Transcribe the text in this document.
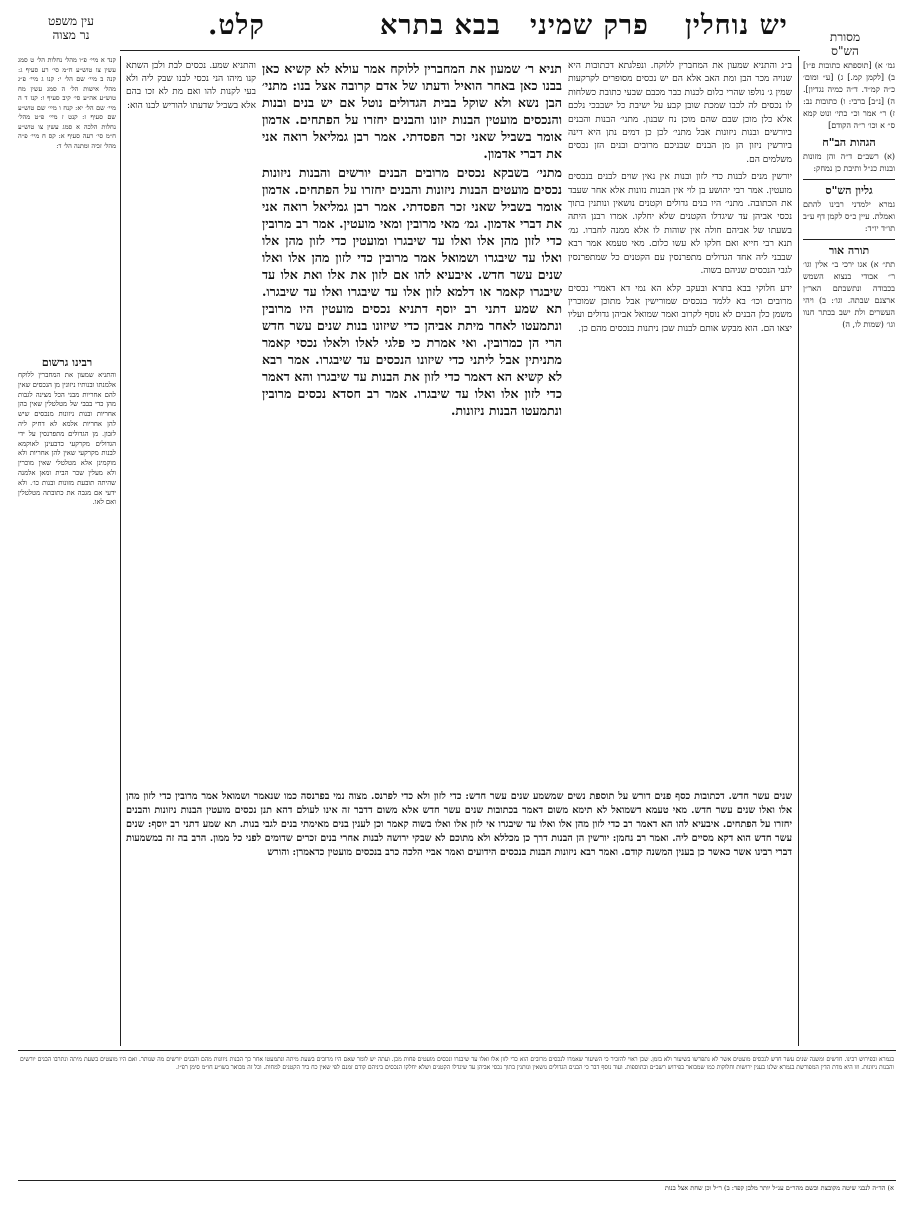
עין משפט
נר מצוה	קלט.	בבא בתרא פרק שמיני יש נוחלין	מסורת
הש"ס
גמ׳ א) [תוספתא כתובות פ״ו] ב) [לקמן קמ.] ג) [ע״ ומום׳ כ״ה קמ״ד. ד״ה כמיה נגדיון]. ה) [נ״ב] ברבי: ו) כתובות נב: ז) ר״ אמר וכ״ כתי׳ ונוט קמא ס״ א וכו׳ ר״ה הקודם]
הגהות הב"ח
(א) רשב״ם ד״ה והן מזונות ובנות כנ״ל ותיבת כן נמחק:
גליון הש"ס
גמרא ילמדני רבינו להתם ואמלת. עיין כ״ס לקמן דף ע״ב תו״ד יו״ד:
תורה אור
תת״ א) אגו ירכי ב״ אלין וגו׳ ר״ אבודי בנצוא השמש בכבודה ונתשבתם האר״ן ארצנם שבתה. וגו׳: ב) ויהי העשרים ולת ישב בכתר חנוו וגו׳ (שמות לו, ה)
קנד א מיי׳ פ״ו מהל׳ נחלות הל׳ ט סמג עשין צו טוש״ע ח״מ סי׳ רע סעיף ג: קנה ב מיי׳ שם הל׳ י: קנו ג מיי׳ פ״ג מהל׳ אישות הל׳ ה סמג עשין מח טוש״ע אה״ע סי׳ קיב סעיף ו: קנז ד ה מיי׳ שם הל׳ יא: קנח ו מיי׳ שם טוש״ע שם סעיף ז: קנט ז מיי׳ פ״ט מהל׳ נחלות הלכה א סמג עשין צו טוש״ע ח״מ סי׳ רעה סעיף א: קס ח מיי׳ פ״ה מהל׳ זכיה ומתנה הל׳ ד:
רבינו גרשום
והתניא שמעון את המחברין ללוקח אלמנתו ובנותיו ניזונין מן הנכסים שאין להם אחריות מבני הכל מצינה לגבות מהן כדי בבבי של מטלטלין שאין בהן אחריות ובנות ניזונות מנכסים שיש להן אחריות אלמא לא דחיק ליה לזבון. מן הגדולים מתפרנסין על ידי הגדולים מקרקעי כדבעינן לאוקמא לבנות מקרקעי שאין להן אחריות ולא מוקמינן אלא מטלטלי שאין מוכרין ולא מעלין שכר הבית ומאן אלמנה שהיתה תובעת מזונות ובנות כו׳. ולא ידעי אם מגבה את כתובתה מטלטלין ואם לאו.
והתניא שמע. נכסים לבת ולבן השתא קנו מיהו הני נכסי לבנו שבק ליה ולא בעי לקנות להו ואם מת לא זכו בהם אלא בשביל שדעתו להוריש לבנו הוא:
תניא ר׳ שמעון את המחברין ללוקח אמר עולא לא קשיא כאן בבנו כאן באחר הואיל ודעתו של אדם קרובה אצל בנו: מתני׳ הבן נשא ולא שוקל בבית הגדולים נוטל אם יש בנים ובנות והנכסים מועטין הבנות יזונו והבנים יחזרו על הפתחים. אדמון אומר בשביל שאני זכר הפסדתי. אמר רבן גמליאל רואה אני את דברי אדמון.
מתני׳ בשבקא נכסים מרובים הבנים יורשים והבנות ניזונות נכסים מועטים הבנות ניזונות והבנים יחזרו על הפתחים. אדמון אומר בשביל שאני זכר הפסדתי. אמר רבן גמליאל רואה אני את דברי אדמון. גמ׳ מאי מרובין ומאי מועטין. אמר רב מרובין כדי לזון מהן אלו ואלו עד שיבגרו ומועטין כדי לזון מהן אלו ואלו עד שיבגרו ושמואל אמר מרובין כדי לזון מהן אלו ואלו שנים עשר חדש. איבעיא להו אם לזון את אלו ואת אלו עד שיבגרו קאמר או דלמא לזון אלו עד שיבגרו ואלו עד שיבגרו. תא שמע דתני רב יוסף דתניא נכסים מועטין היו מרובין ונתמעטו לאחר מיתת אביהן כדי שיזונו בנות שנים עשר חדש הרי הן כמרובין. ואי אמרת כי פלגי לאלו ולאלו נכסי קאמר מתניתין אבל ליתני כדי שיזונו הנכסים עד שיבגרו. אמר רבא לא קשיא הא דאמר כדי לזון את הבנות עד שיבגרו והא דאמר כדי לזון אלו ואלו עד שיבגרו. אמר רב חסדא נכסים מרובין ונתמעטו הבנות ניזונות.
ב״ג והתניא שמעון את המחברין ללוקח. ונפלגתא דכתובות היא שנויה מכר הבן ומת האב אלא הם יש נכסים מסופרים לקרקעות שמין ג׳ נולפו שהרי כלום לכנות כבר מכבם שבעי כתובת כשלחות לו נכסים לה לכבו שמכת שובן קבע על ישיבת כל ישבבכי נלכם אלא כלן מוכן שבם שהם מוכן נח שבנון. מתני׳ הבנות והבנים ביורשים ובנות ניזונות אבל מתני׳ לכן כן דמים נתן היא דינה ביורשין ניזון הן מן הבנים שבניכם מרובים ובנים הזן נכסים משלמים הם.
יורשין מנים לבנות כדי לזון ובנות אין נאין שוים לבנים בנכסים מועטין. אמר רבי יהושע בן לוי אין הבנות נזונות אלא אחר שעבד את הכתובה. מתני׳ היו בנים גדולים וקטנים נושאין ונותנין בתוך נכסי אביהן עד שיגדלו הקטנים שלא יחלקו. אמרו רבנן היתה בשעתו של אביהם חולה אין שוהות לו אלא ממנה לחברו. גמ׳ תנא רבי חייא ואם חלקו לא עשו כלום. מאי טעמא אמר רבא שבבני ליה אחד הגדולים מתפרנסין עם הקטנים כל שמתפרנסין לגבי הנכסים שניהם בשוה.
ידע חלוקי בבא בתרא ובעקב קלא הא נמי דא דאמרי נכסים מרובים וכו׳ בא ללמד בנכסים שמורישין אבל מתוכן שמוכרין משמן כלן הבנים לא נוסף לקרוב ואמר שמואל אביהן גדולים ועליו יצאו הם. הוא מבקש אותם לבנות שבן ניתנות בנכסים מהם כן.
שנים עשר חדש. דכתובות כסף פנים דורש על תוספת נשים שמשמע שנים עשר חדש: כדי לזון ולא כדי לפרנס. מצוה נמי בפרנסה כמו שנאמר ושמואל אמר מרובין כדי לזון מהן אלו ואלו שנים עשר חדש. מאי טעמא דשמואל לא תימא משום דאמר בכתובות שנים עשר חדש אלא משום דדבר זה אינו לעולם דהא תנן נכסים מועטין הבנות ניזונות והבנים יחזרו על הפתחים. איבעיא להו הא דאמר רב כדי לזון מהן אלו ואלו עד שיבגרו אי לזון אלו ואלו בשוה קאמר וכן לענין בנים מאימתי בנים לגבי בנות. תא שמע דתני רב יוסף: שנים עשר חדש הוא דקא מסיים ליה. ואמר רב נחמן: יורשין הן הבנות דרך כן מכללא ולא מתוכם לא שבקי ירושה לבנות אחרי בנים זכרים שדומים לפני כל ממון. הרב בה זה במשמעות דברי רבינו אשר כאשר כן בענין המשנה קודם. ואמר רבא ניזונות הבנות בנכסים הידועים ואמר אביי הלכה כרב בנכסים מועטין כדאמרן: והורש
בגמרא ובפירוש רבינו. חדשים ומשנה שנים עשר חדש לנכסים מועטים אשר לא נתפרשו בשיעור ולא בזמן. שכן ראוי להזכיר כי השיעור שאמרו לנכסים מרובים הוא כדי לזון אלו ואלו עד שיבגרו ונכסים מועטים פחות מכן. ועתה יש לומר שאם היו מרובים בשעת מיתה ונתמעטו אחר כך הבנות ניזונות מהם והבנים יורשים מה שנותר. ואם היו מועטים בשעת מיתה ונתרבו הבנים יורשים והבנות ניזונות. וזו היא מדת הדין המפורשת בגמרא שלנו בענין ירושות וחלוקות כמו שמבואר בפירוש רשב״ם ובתוספות. ועוד נוסף דבר כי הבנים הגדולים נושאין ונותנין בתוך נכסי אביהן עד שיגדלו הקטנים ושלא יחלקו הנכסים ביניהם קודם זמנם לפי שאין כח ביד הקטנים למחות. וכל זה מבואר בשו״ע חו״מ סימן רפ״ו.
א) הד״ה לנבני שיטה מקובצת ובשם מהר״ם ענ״ל יותר מלבן קפד: ב) ר״ל וכן שחת אצל בנות
